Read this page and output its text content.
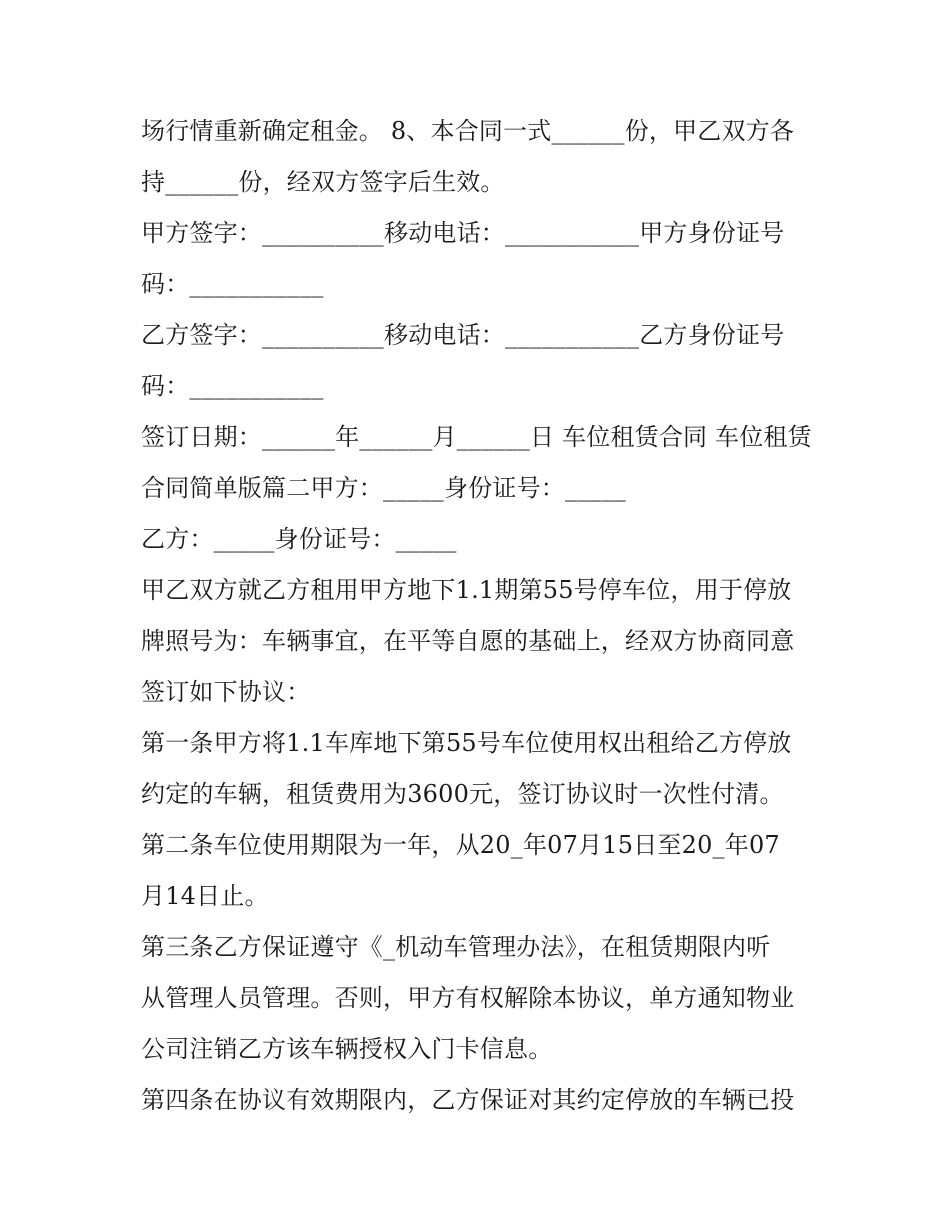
场行情重新确定租金。 8、本合同一式______份，甲乙双方各
持______份，经双方签字后生效。
甲方签字：__________移动电话：___________甲方身份证号
码：___________
乙方签字：__________移动电话：___________乙方身份证号
码：___________
签订日期：______年______月______日 车位租赁合同 车位租赁
合同简单版篇二甲方：_____身份证号：_____
乙方：_____身份证号：_____
甲乙双方就乙方租用甲方地下1.1期第55号停车位，用于停放
牌照号为：车辆事宜，在平等自愿的基础上，经双方协商同意
签订如下协议：
第一条甲方将1.1车库地下第55号车位使用权出租给乙方停放
约定的车辆，租赁费用为3600元，签订协议时一次性付清。
第二条车位使用期限为一年，从20_年07月15日至20_年07
月14日止。
第三条乙方保证遵守《_机动车管理办法》，在租赁期限内听
从管理人员管理。否则，甲方有权解除本协议，单方通知物业
公司注销乙方该车辆授权入门卡信息。
第四条在协议有效期限内，乙方保证对其约定停放的车辆已投
